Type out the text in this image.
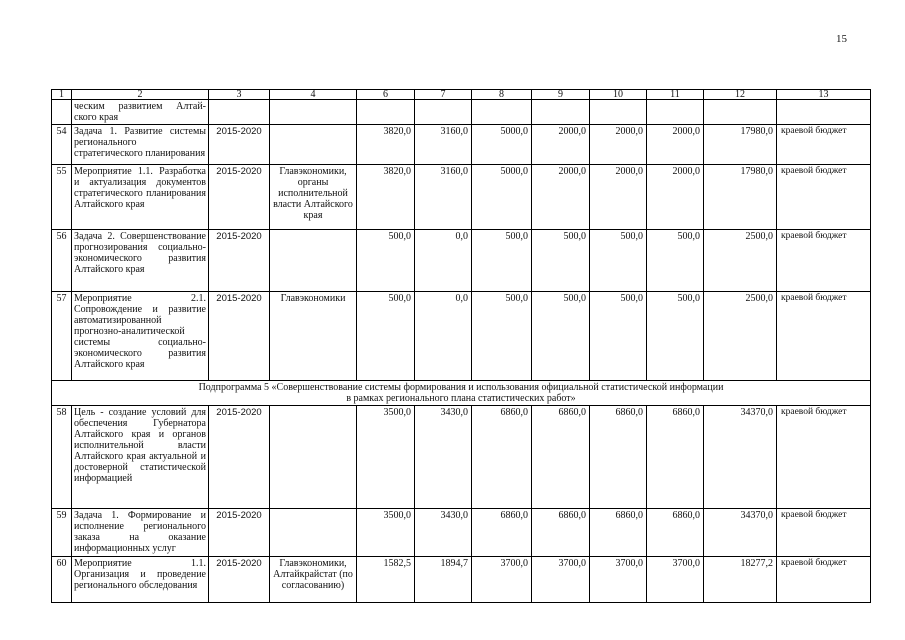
15
1	2	3	4	6	7	8	9	10	11	12	13
	ческим развитием Алтай-ского края										
54	Задача 1. Развитие системы регионального стратегического планирования	2015-2020		3820,0	3160,0	5000,0	2000,0	2000,0	2000,0	17980,0	краевой бюджет
55	Мероприятие 1.1. Разработка и актуализация документов стратегического планирования Алтайского края	2015-2020	Главэкономики, органы исполнительной власти Алтайского края	3820,0	3160,0	5000,0	2000,0	2000,0	2000,0	17980,0	краевой бюджет
56	Задача 2. Совершенствование прогнозирования социально-экономического развития Алтайского края	2015-2020		500,0	0,0	500,0	500,0	500,0	500,0	2500,0	краевой бюджет
57	Мероприятие 2.1. Сопровождение и развитие автоматизированной прогнозно-аналитической системы социально-экономического развития Алтайского края	2015-2020	Главэкономики	500,0	0,0	500,0	500,0	500,0	500,0	2500,0	краевой бюджет

Подпрограмма 5 «Совершенствование системы формирования и использования официальной статистической информации
в рамках регионального плана статистических работ»											

58	Цель - создание условий для обеспечения Губернатора Алтайского края и органов исполнительной власти Алтайского края актуальной и достоверной статистической информацией	2015-2020		3500,0	3430,0	6860,0	6860,0	6860,0	6860,0	34370,0	краевой бюджет
59	Задача 1. Формирование и исполнение регионального заказа на оказание информационных услуг	2015-2020		3500,0	3430,0	6860,0	6860,0	6860,0	6860,0	34370,0	краевой бюджет
60	Мероприятие 1.1. Организация и проведение регионального обследования	2015-2020	Главэкономики, Алтайкрайстат (по согласованию)	1582,5	1894,7	3700,0	3700,0	3700,0	3700,0	18277,2	краевой бюджет
